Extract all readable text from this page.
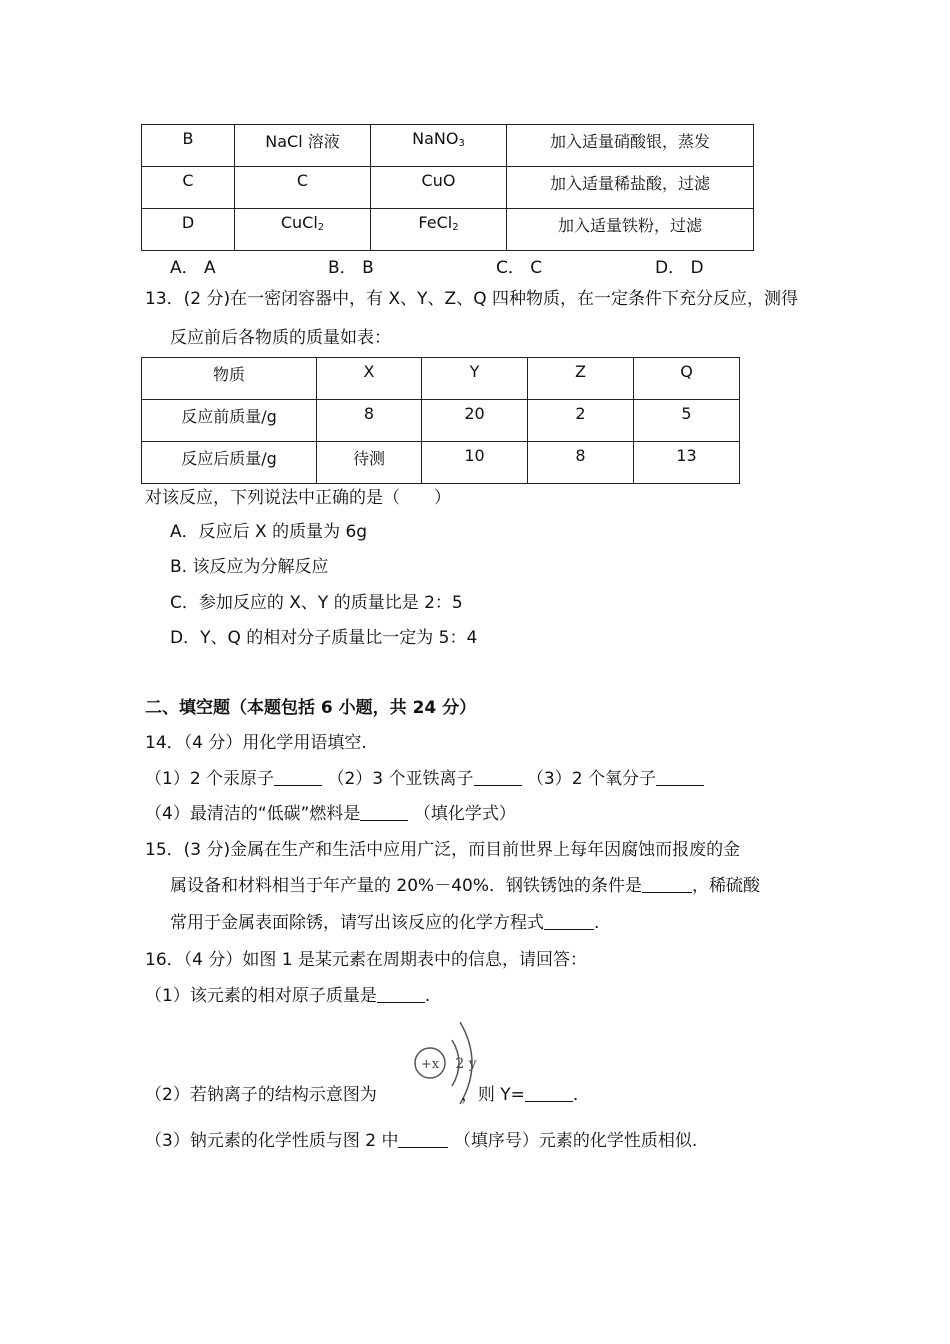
B	NaCl 溶液	NaNO$_3$	加入适量硝酸银，蒸发
C	C	CuO	加入适量稀盐酸，过滤
D	CuCl$_2$	FeCl$_2$	加入适量铁粉，过滤
A． A	B． B	C． C	D． D
13．(2 分)在一密闭容器中，有 X、Y、Z、Q 四种物质，在一定条件下充分反应，测得
反应前后各物质的质量如表：
物质	X	Y	Z	Q
反应前质量/g	8	20	2	5
反应后质量/g	待测	10	8	13
对该反应，下列说法中正确的是（　　）
A．反应后 X 的质量为 6g
B. 该反应为分解反应
C．参加反应的 X、Y 的质量比是 2：5
D．Y、Q 的相对分子质量比一定为 5：4
二、填空题（本题包括 6 小题，共 24 分）
14．（4 分）用化学用语填空.
（1）2 个汞原子	（2）3 个亚铁离子	（3）2 个氧分子
（4）最清洁的“低碳”燃料是	（填化学式）
15．(3 分)金属在生产和生活中应用广泛，而目前世界上每年因腐蚀而报废的金
属设备和材料相当于年产量的 20%－40%．钢铁锈蚀的条件是	，稀硫酸
常用于金属表面除锈，请写出该反应的化学方程式	.
16．（4 分）如图 1 是某元素在周期表中的信息，请回答：
（1）该元素的相对原子质量是	.
+x 2 y
（2）若钠离子的结构示意图为	，则 Y=	.
（3）钠元素的化学性质与图 2 中	（填序号）元素的化学性质相似.
